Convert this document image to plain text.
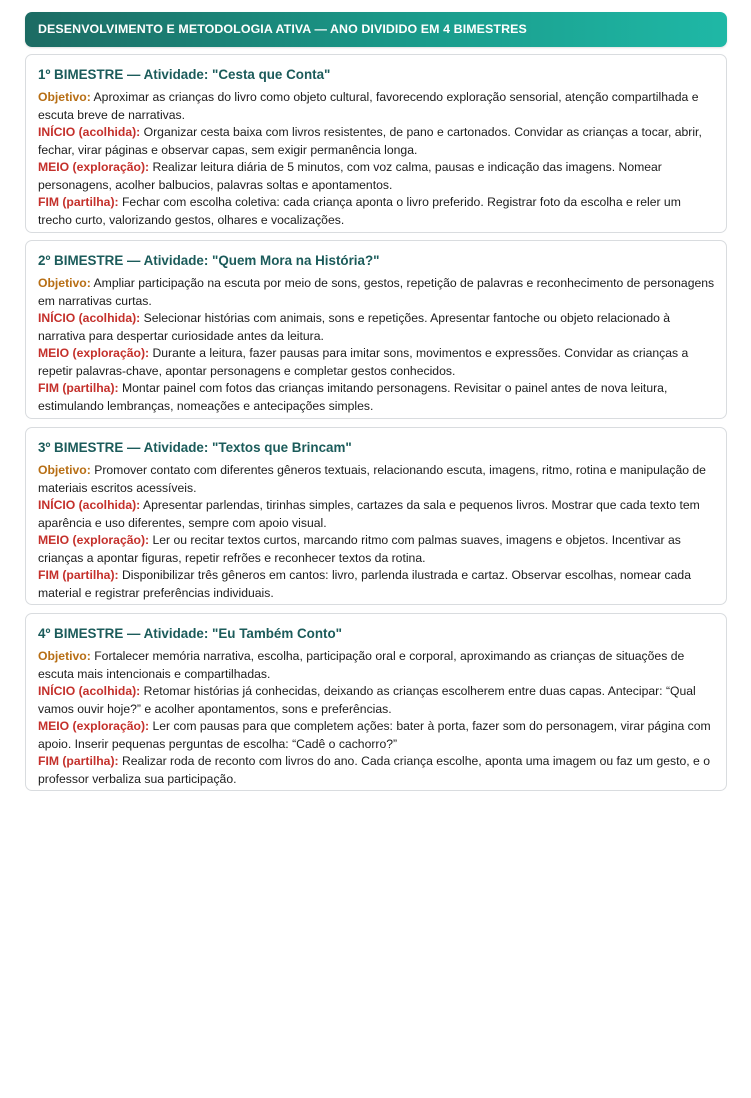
DESENVOLVIMENTO E METODOLOGIA ATIVA — ANO DIVIDIDO EM 4 BIMESTRES
1º BIMESTRE — Atividade: "Cesta que Conta"

Objetivo: Aproximar as crianças do livro como objeto cultural, favorecendo exploração sensorial, atenção compartilhada e escuta breve de narrativas.

INÍCIO (acolhida): Organizar cesta baixa com livros resistentes, de pano e cartonados. Convidar as crianças a tocar, abrir, fechar, virar páginas e observar capas, sem exigir permanência longa.

MEIO (exploração): Realizar leitura diária de 5 minutos, com voz calma, pausas e indicação das imagens. Nomear personagens, acolher balbucios, palavras soltas e apontamentos.

FIM (partilha): Fechar com escolha coletiva: cada criança aponta o livro preferido. Registrar foto da escolha e reler um trecho curto, valorizando gestos, olhares e vocalizações.

2º BIMESTRE — Atividade: "Quem Mora na História?"

Objetivo: Ampliar participação na escuta por meio de sons, gestos, repetição de palavras e reconhecimento de personagens em narrativas curtas.

INÍCIO (acolhida): Selecionar histórias com animais, sons e repetições. Apresentar fantoche ou objeto relacionado à narrativa para despertar curiosidade antes da leitura.

MEIO (exploração): Durante a leitura, fazer pausas para imitar sons, movimentos e expressões. Convidar as crianças a repetir palavras-chave, apontar personagens e completar gestos conhecidos.

FIM (partilha): Montar painel com fotos das crianças imitando personagens. Revisitar o painel antes de nova leitura, estimulando lembranças, nomeações e antecipações simples.

3º BIMESTRE — Atividade: "Textos que Brincam"

Objetivo: Promover contato com diferentes gêneros textuais, relacionando escuta, imagens, ritmo, rotina e manipulação de materiais escritos acessíveis.

INÍCIO (acolhida): Apresentar parlendas, tirinhas simples, cartazes da sala e pequenos livros. Mostrar que cada texto tem aparência e uso diferentes, sempre com apoio visual.

MEIO (exploração): Ler ou recitar textos curtos, marcando ritmo com palmas suaves, imagens e objetos. Incentivar as crianças a apontar figuras, repetir refrões e reconhecer textos da rotina.

FIM (partilha): Disponibilizar três gêneros em cantos: livro, parlenda ilustrada e cartaz. Observar escolhas, nomear cada material e registrar preferências individuais.

4º BIMESTRE — Atividade: "Eu Também Conto"

Objetivo: Fortalecer memória narrativa, escolha, participação oral e corporal, aproximando as crianças de situações de escuta mais intencionais e compartilhadas.

INÍCIO (acolhida): Retomar histórias já conhecidas, deixando as crianças escolherem entre duas capas. Antecipar: “Qual vamos ouvir hoje?” e acolher apontamentos, sons e preferências.

MEIO (exploração): Ler com pausas para que completem ações: bater à porta, fazer som do personagem, virar página com apoio. Inserir pequenas perguntas de escolha: “Cadê o cachorro?”

FIM (partilha): Realizar roda de reconto com livros do ano. Cada criança escolhe, aponta uma imagem ou faz um gesto, e o professor verbaliza sua participação.
